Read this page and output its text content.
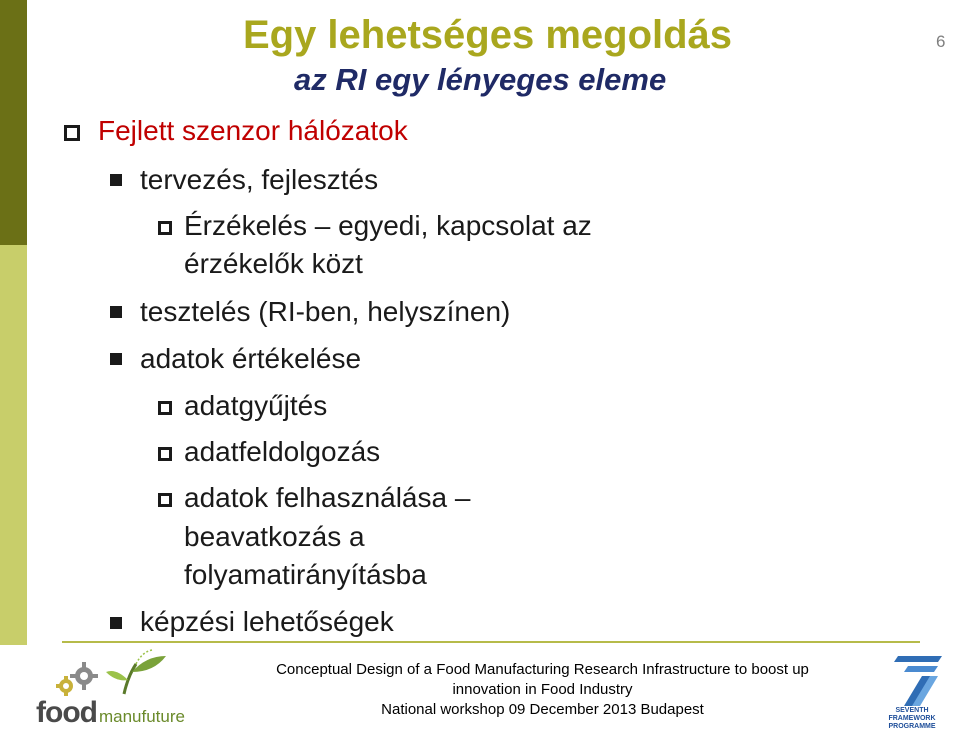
Egy lehetséges megoldás
az RI egy lényeges eleme
6
Fejlett szenzor hálózatok
tervezés, fejlesztés
Érzékelés – egyedi, kapcsolat az
érzékelők közt
tesztelés (RI-ben, helyszínen)
adatok értékelése
adatgyűjtés
adatfeldolgozás
adatok felhasználása –
beavatkozás a
folyamatirányításba
képzési lehetőségek
food manufuture
Conceptual Design of a Food Manufacturing Research Infrastructure to boost up
innovation in Food Industry
National workshop 09 December 2013 Budapest	SEVENTH FRAMEWORK
PROGRAMME
